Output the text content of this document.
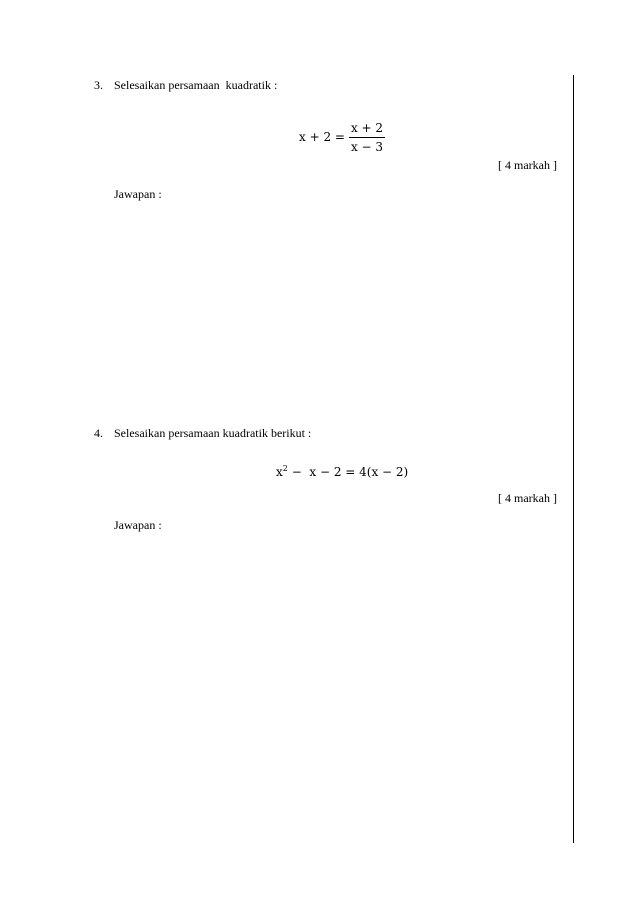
3. Selesaikan persamaan  kuadratik :
$x + 2 = \frac{x + 2}{x - 3}$
[ 4 markah ]
Jawapan :
4. Selesaikan persamaan kuadratik berikut :
$x^2 - x - 2 = 4(x - 2)$
[ 4 markah ]
Jawapan :
